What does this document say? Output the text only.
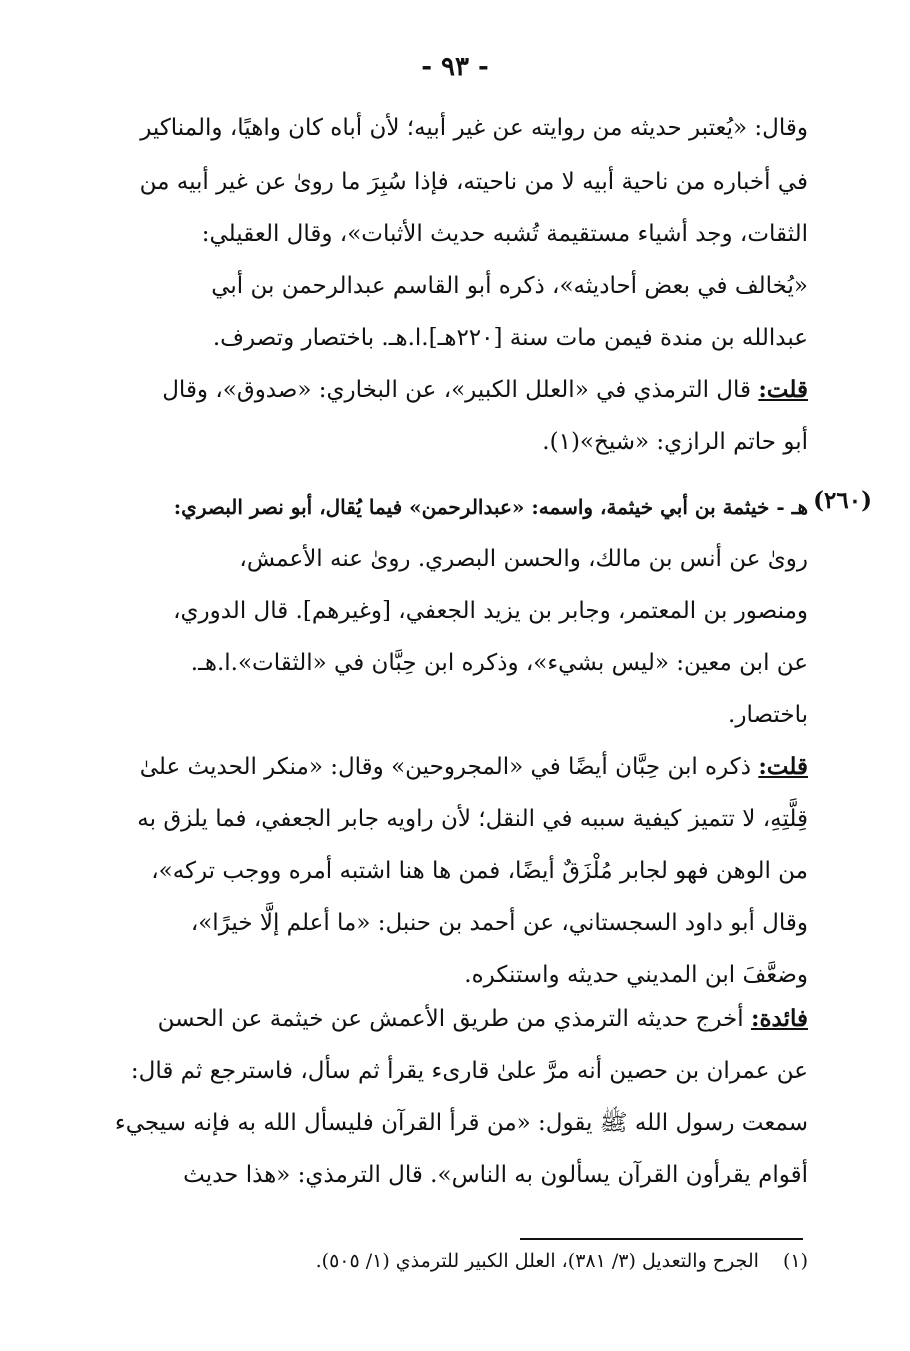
- ٩٣ -
وقال: «يُعتبر حديثه من روايته عن غير أبيه؛ لأن أباه كان واهيًا، والمناكير
في أخباره من ناحية أبيه لا من ناحيته، فإذا سُبِرَ ما روىٰ عن غير أبيه من
الثقات، وجد أشياء مستقيمة تُشبه حديث الأثبات»، وقال العقيلي:
«يُخالف في بعض أحاديثه»، ذكره أبو القاسم عبدالرحمن بن أبي
عبدالله بن مندة فيمن مات سنة [٢٢٠هـ].ا.هـ. باختصار وتصرف.
قلت: قال الترمذي في «العلل الكبير»، عن البخاري: «صدوق»، وقال
أبو حاتم الرازي: «شيخ»(١).
(٢٦٠)
هـ - خيثمة بن أبي خيثمة، واسمه: «عبدالرحمن» فيما يُقال، أبو نصر البصري:
روىٰ عن أنس بن مالك، والحسن البصري. روىٰ عنه الأعمش،
ومنصور بن المعتمر، وجابر بن يزيد الجعفي، [وغيرهم]. قال الدوري،
عن ابن معين: «ليس بشيء»، وذكره ابن حِبَّان في «الثقات».ا.هـ.
باختصار.
قلت: ذكره ابن حِبَّان أيضًا في «المجروحين» وقال: «منكر الحديث علىٰ
قِلَّتِهِ، لا تتميز كيفية سببه في النقل؛ لأن راويه جابر الجعفي، فما يلزق به
من الوهن فهو لجابر مُلْزَقٌ أيضًا، فمن ها هنا اشتبه أمره ووجب تركه»،
وقال أبو داود السجستاني، عن أحمد بن حنبل: «ما أعلم إلَّا خيرًا»،
وضعَّفَ ابن المديني حديثه واستنكره.
فائدة: أخرج حديثه الترمذي من طريق الأعمش عن خيثمة عن الحسن
عن عمران بن حصين أنه مرَّ علىٰ قارىء يقرأ ثم سأل، فاسترجع ثم قال:
سمعت رسول الله ﷺ يقول: «من قرأ القرآن فليسأل الله به فإنه سيجيء
أقوام يقرأون القرآن يسألون به الناس». قال الترمذي: «هذا حديث
(١) الجرح والتعديل (٣/ ٣٨١)، العلل الكبير للترمذي (١/ ٥٠٥).
